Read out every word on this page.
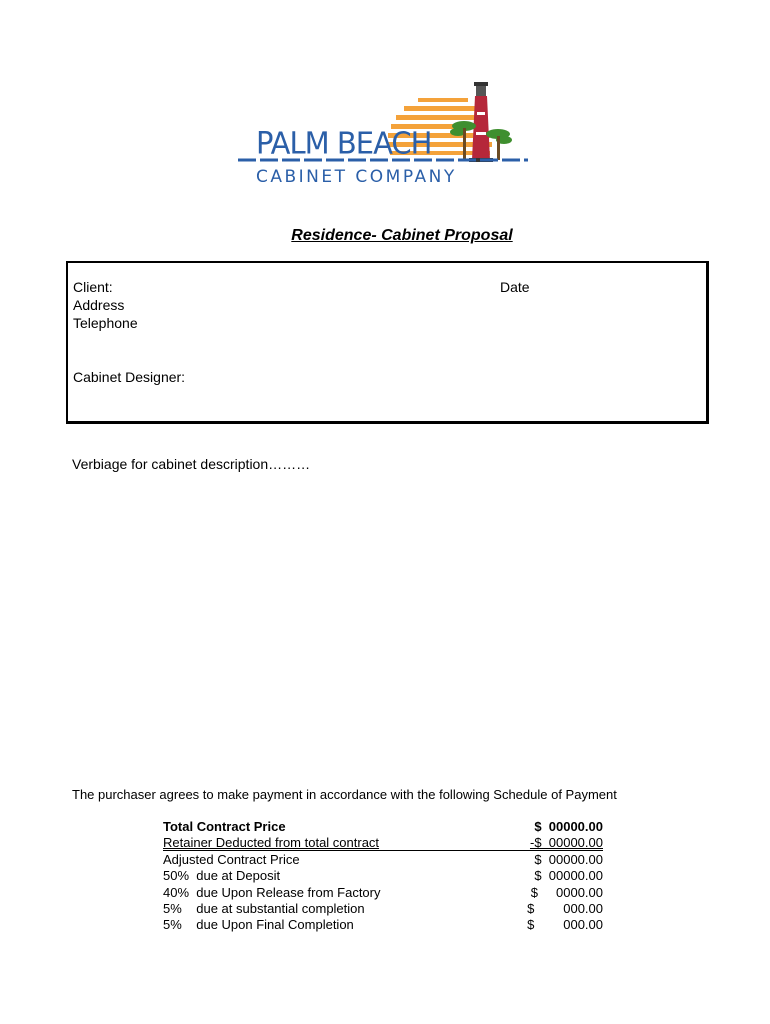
PALM BEACH
CABINET COMPANY
Residence- Cabinet Proposal
Client:
Address
Telephone
Cabinet Designer:
Date
Verbiage for cabinet description………
The purchaser agrees to make payment in accordance with the following Schedule of Payment
Total Contract Price	$  00000.00
Retainer Deducted from total contract	-$  00000.00
Adjusted Contract Price	$  00000.00
50%  due at Deposit	$  00000.00
40%  due Upon Release from Factory	$     0000.00
5%    due at substantial completion	$        000.00
5%    due Upon Final Completion	$        000.00
